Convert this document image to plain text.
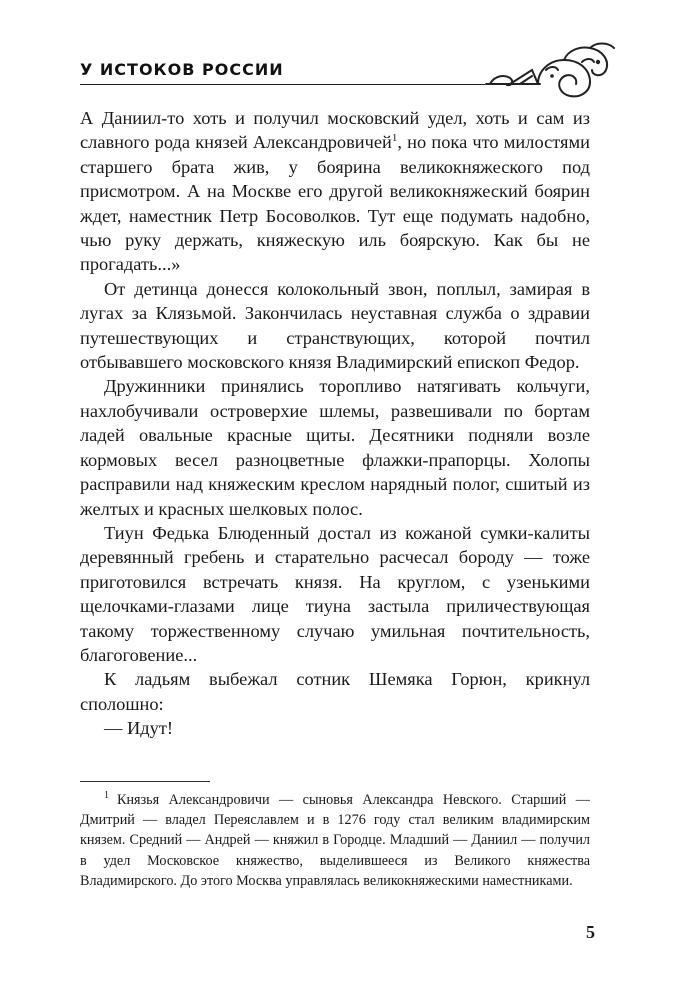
У ИСТОКОВ РОССИИ

А Даниил-то хоть и получил московский удел, хоть и сам из славного рода князей Александровичей$^1$, но пока что милостями старшего брата жив, у боярина великокняжеского под присмотром. А на Москве его другой великокняжеский боярин ждет, наместник Петр Босоволков. Тут еще подумать надобно, чью руку держать, княжескую иль боярскую. Как бы не прогадать...»

От детинца донесся колокольный звон, поплыл, замирая в лугах за Клязьмой. Закончилась неуставная служба о здравии путешествующих и странствующих, которой почтил отбывавшего московского князя Владимирский епископ Федор.

Дружинники принялись торопливо натягивать кольчуги, нахлобучивали островерхие шлемы, развешивали по бортам ладей овальные красные щиты. Десятники подняли возле кормовых весел разноцветные флажки-прапорцы. Холопы расправили над княжеским креслом нарядный полог, сшитый из желтых и красных шелковых полос.

Тиун Федька Блюденный достал из кожаной сумки-калиты деревянный гребень и старательно расчесал бороду — тоже приготовился встречать князя. На круглом, с узенькими щелочками-глазами лице тиуна застыла приличествующая такому торжественному случаю умильная почтительность, благоговение...

К ладьям выбежал сотник Шемяка Горюн, крикнул сполошно:

— Идут!

$^1$ Князья Александровичи — сыновья Александра Невского. Старший — Дмитрий — владел Переяславлем и в 1276 году стал великим владимирским князем. Средний — Андрей — княжил в Городце. Младший — Даниил — получил в удел Московское княжество, выделившееся из Великого княжества Владимирского. До этого Москва управлялась великокняжескими наместниками.
5
